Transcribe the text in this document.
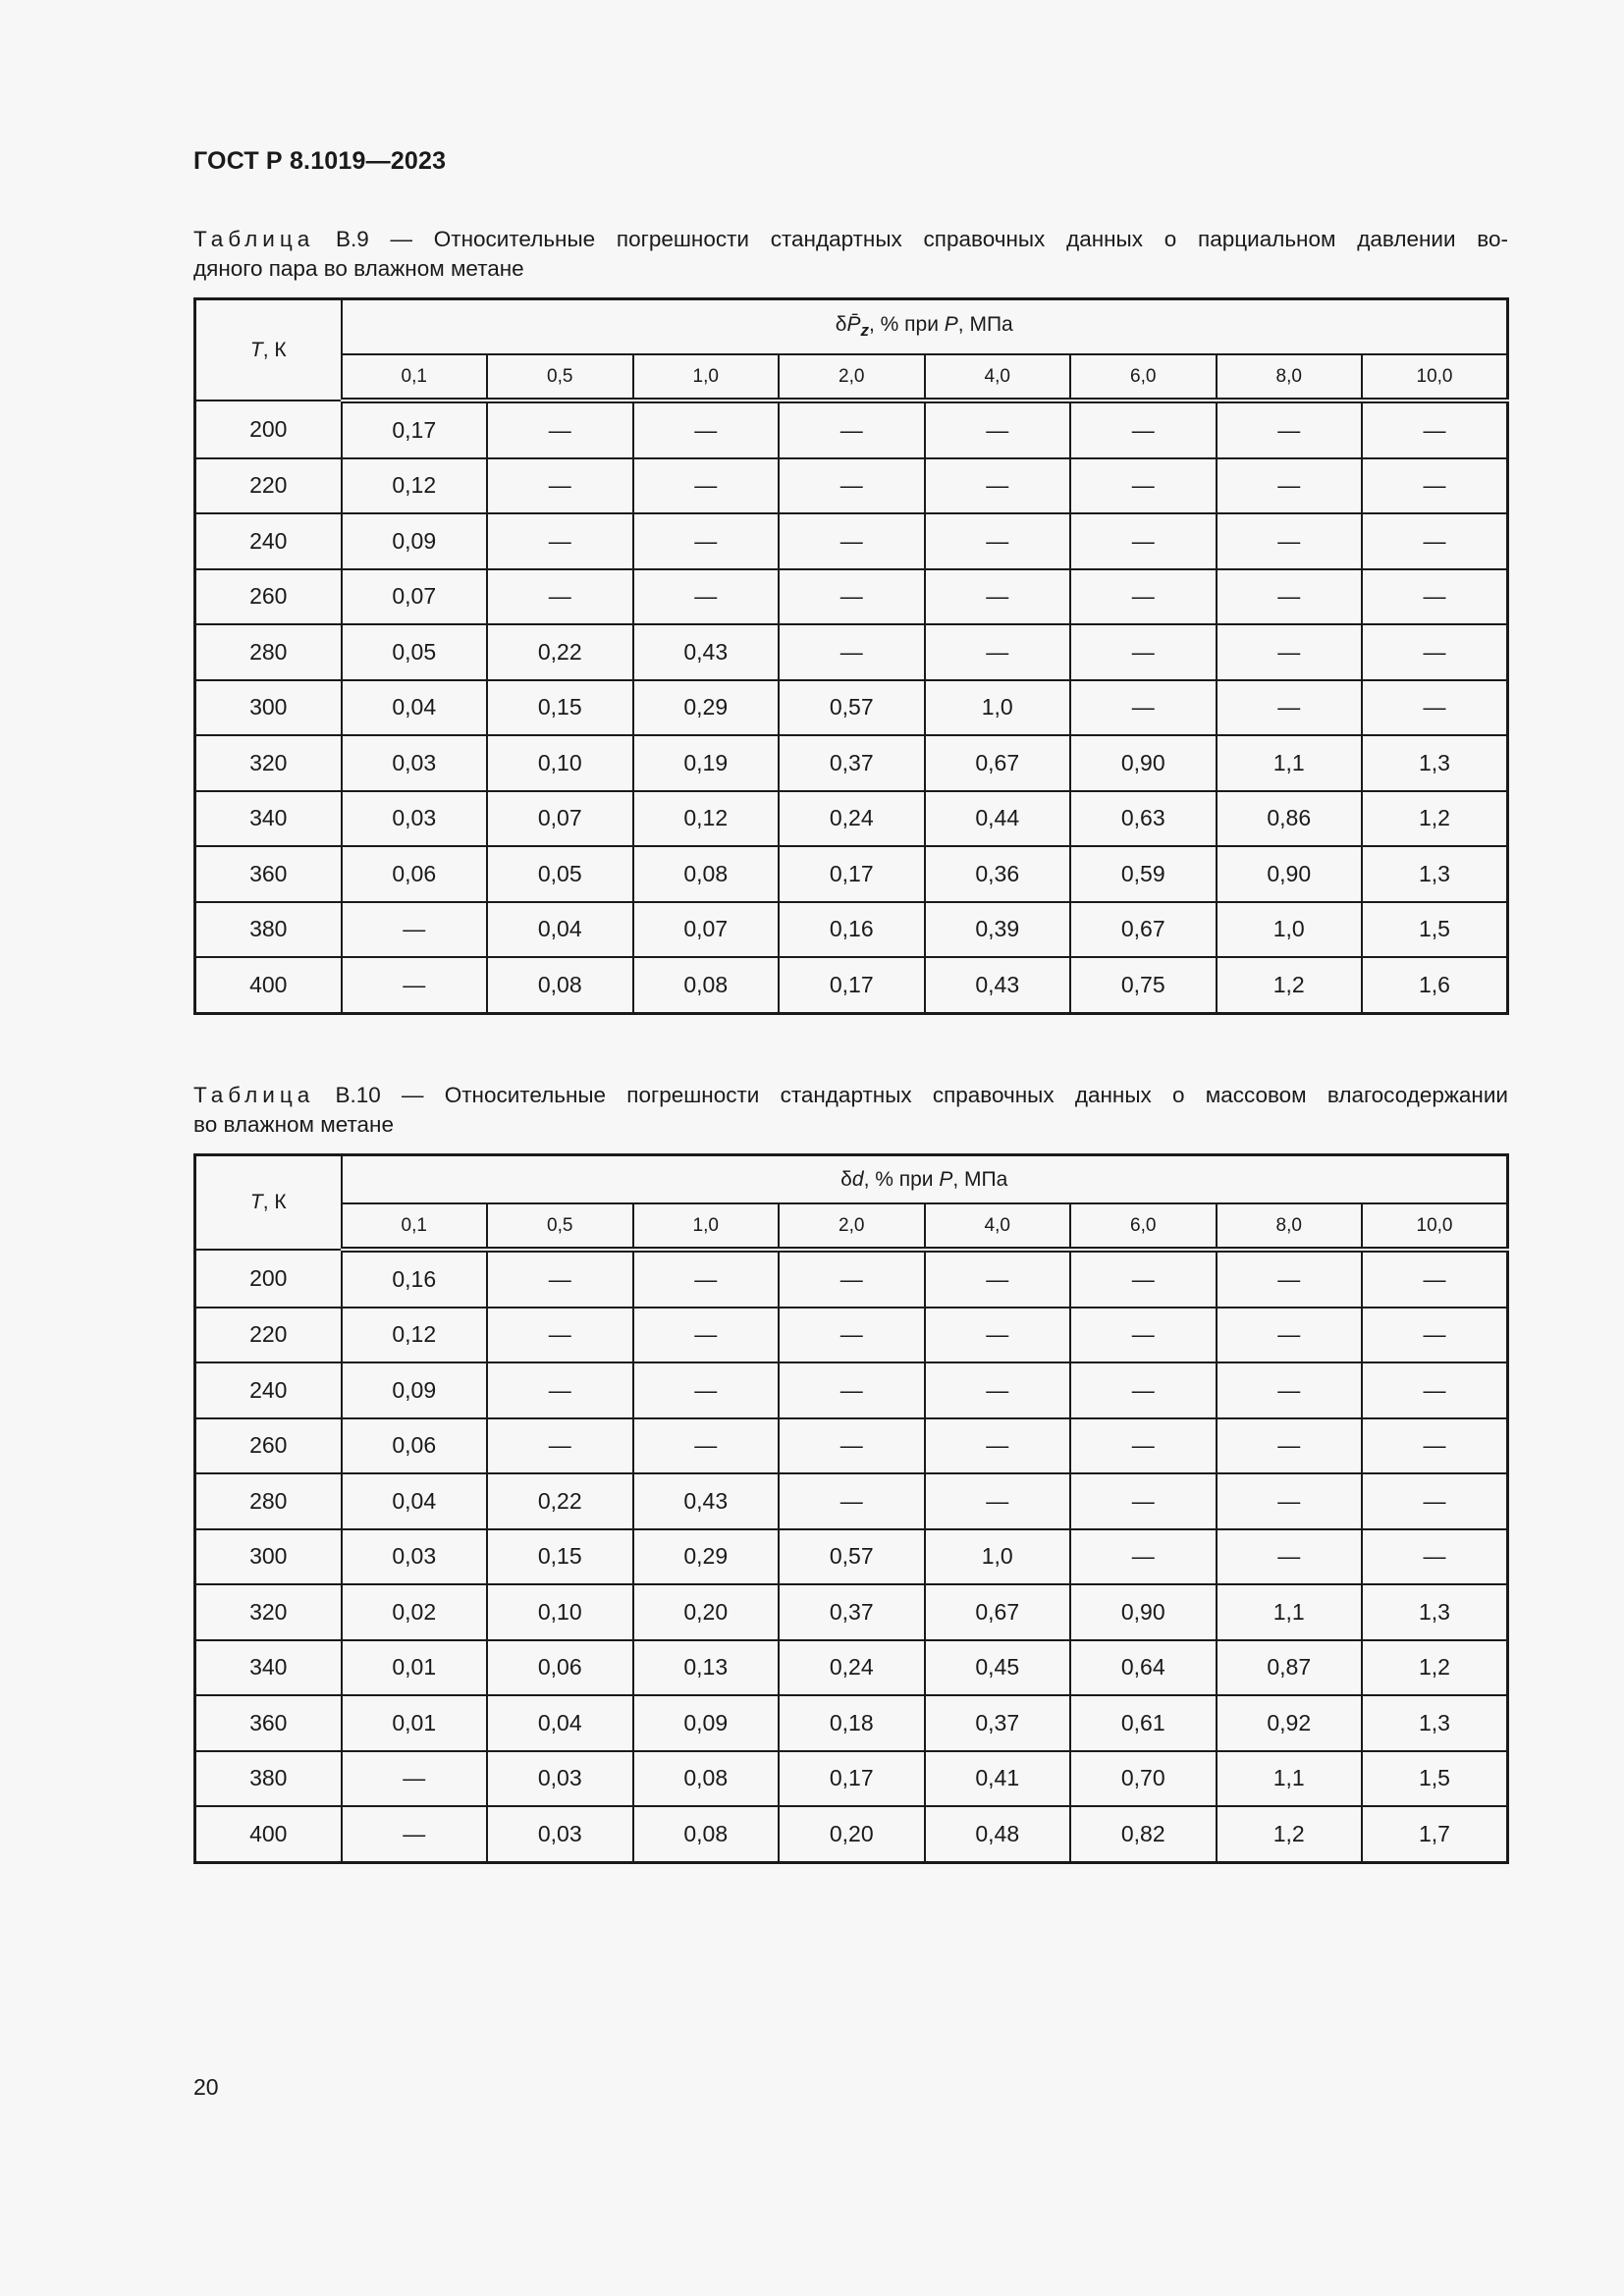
ГОСТ Р 8.1019—2023
Таблица В.9 — Относительные погрешности стандартных справочных данных о парциальном давлении во-
дяного пара во влажном метане
T, К	$\delta P̄_z$, % при P, МПа							
	0,1	0,5	1,0	2,0	4,0	6,0	8,0	10,0
200	0,17	—	—	—	—	—	—	—
220	0,12	—	—	—	—	—	—	—
240	0,09	—	—	—	—	—	—	—
260	0,07	—	—	—	—	—	—	—
280	0,05	0,22	0,43	—	—	—	—	—
300	0,04	0,15	0,29	0,57	1,0	—	—	—
320	0,03	0,10	0,19	0,37	0,67	0,90	1,1	1,3
340	0,03	0,07	0,12	0,24	0,44	0,63	0,86	1,2
360	0,06	0,05	0,08	0,17	0,36	0,59	0,90	1,3
380	—	0,04	0,07	0,16	0,39	0,67	1,0	1,5
400	—	0,08	0,08	0,17	0,43	0,75	1,2	1,6
Таблица В.10 — Относительные погрешности стандартных справочных данных о массовом влагосодержании
во влажном метане
T, К	δd, % при P, МПа							
	0,1	0,5	1,0	2,0	4,0	6,0	8,0	10,0
200	0,16	—	—	—	—	—	—	—
220	0,12	—	—	—	—	—	—	—
240	0,09	—	—	—	—	—	—	—
260	0,06	—	—	—	—	—	—	—
280	0,04	0,22	0,43	—	—	—	—	—
300	0,03	0,15	0,29	0,57	1,0	—	—	—
320	0,02	0,10	0,20	0,37	0,67	0,90	1,1	1,3
340	0,01	0,06	0,13	0,24	0,45	0,64	0,87	1,2
360	0,01	0,04	0,09	0,18	0,37	0,61	0,92	1,3
380	—	0,03	0,08	0,17	0,41	0,70	1,1	1,5
400	—	0,03	0,08	0,20	0,48	0,82	1,2	1,7
20
